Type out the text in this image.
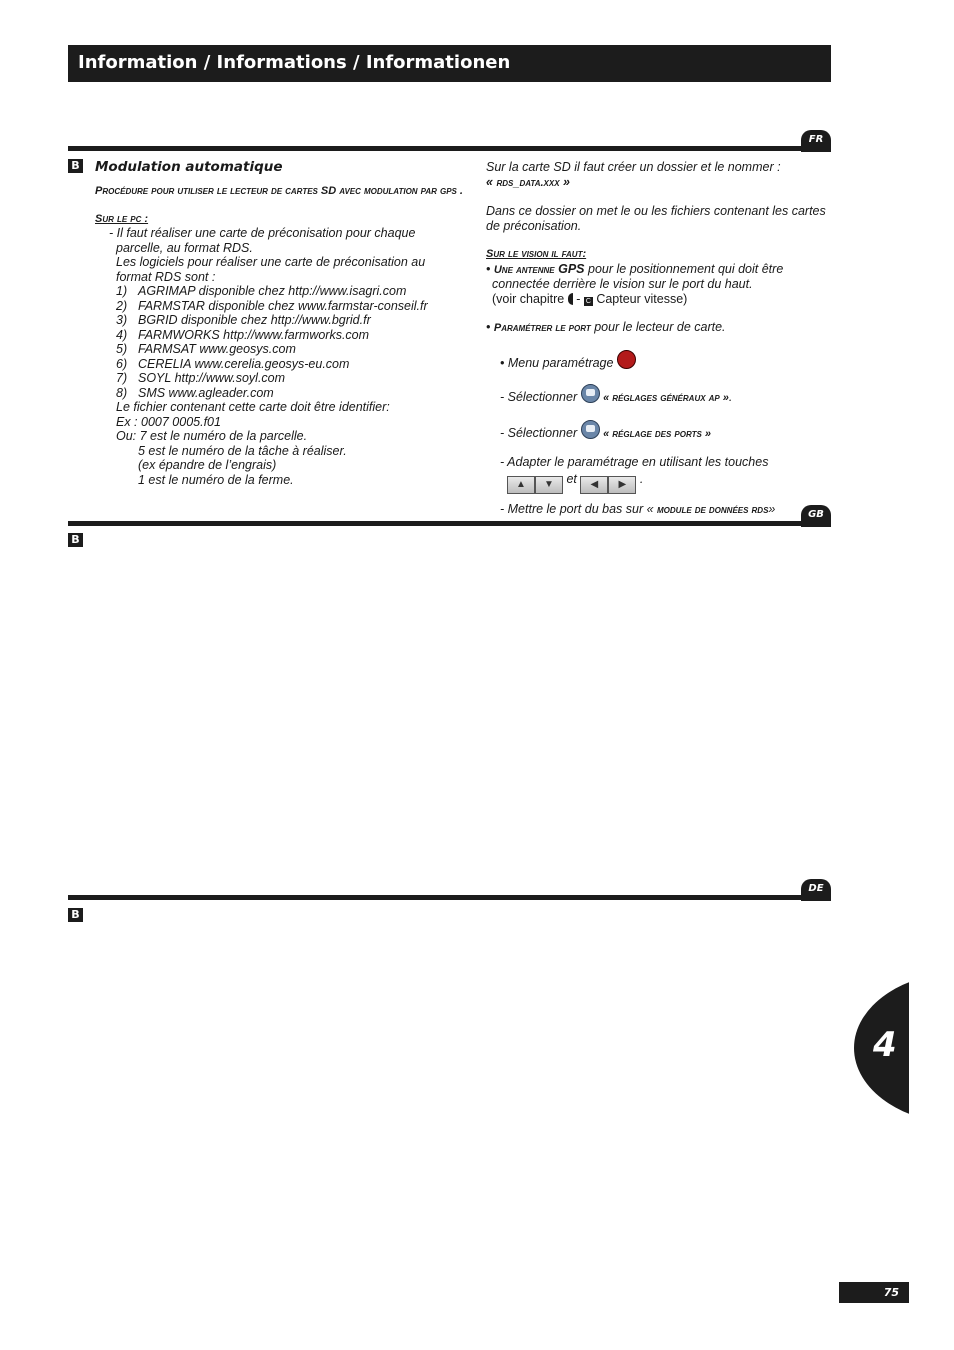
Information / Informations / Informationen
FR
B Modulation automatique

Procédure pour utiliser le lecteur de cartes SD avec modulation par gps .

Sur le pc :

- Il faut réaliser une carte de préconisation pour chaque

parcelle, au format RDS.

Les logiciels pour réaliser une carte de préconisation au

format RDS sont :

1) AGRIMAP disponible chez http://www.isagri.com

2) FARMSTAR disponible chez www.farmstar-conseil.fr

3) BGRID disponible chez http://www.bgrid.fr

4) FARMWORKS http://www.farmworks.com

5) FARMSAT www.geosys.com

6) CERELIA www.cerelia.geosys-eu.com

7) SOYL http://www.soyl.com

8) SMS www.agleader.com

Le fichier contenant cette carte doit être identifier:

Ex : 0007 0005.f01

Ou: 7 est le numéro de la parcelle.

5 est le numéro de la tâche à réaliser.

(ex épandre de l’engrais)

1 est le numéro de la ferme.

Sur la carte SD il faut créer un dossier et le nommer :

« rds_data.xxx »

Dans ce dossier on met le ou les fichiers contenant les cartes de préconisation.

Sur le vision il faut:

• Une antenne GPS pour le positionnement qui doit être

connectée derrière le vision sur le port du haut.

(voir chapitre  - C Capteur vitesse)

• Paramétrer le port pour le lecteur de carte.

• Menu paramétrage

- Sélectionner « réglages généraux ap ».

- Sélectionner « réglage des ports »

- Adapter le paramétrage en utilisant les touches

▲ ▼ et ◀ ▶ .

- Mettre le port du bas sur « module de données rds»	GB
B
DE
B
4
75
